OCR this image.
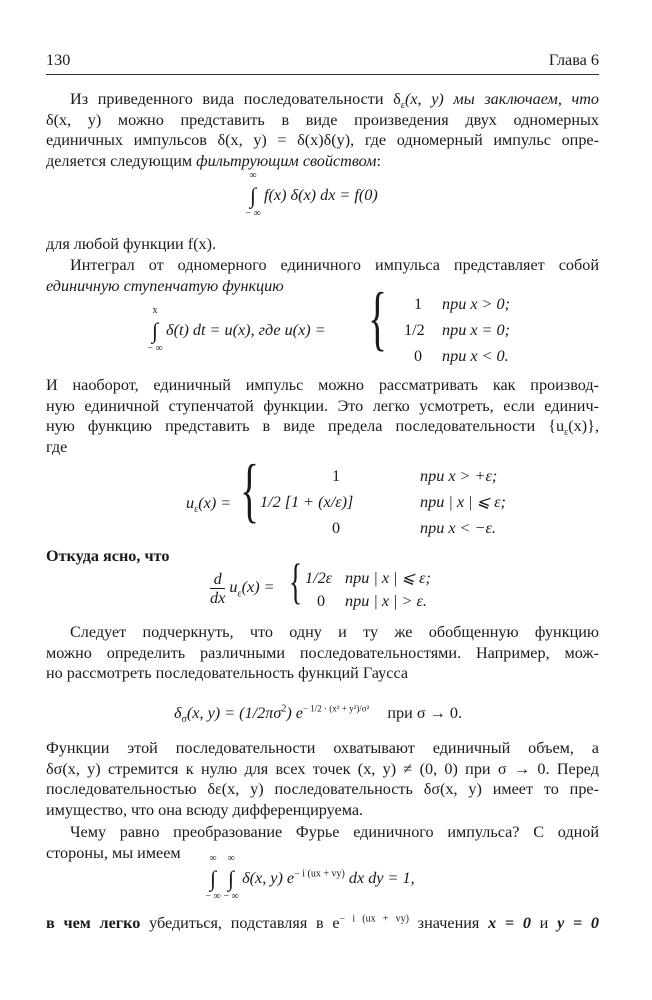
130	Глава 6

Из приведенного вида последовательности $\delta_\varepsilon(x$, y) мы заключаем, что

δ(x, y) можно представить в виде произведения двух одномерных

единичных импульсов δ(x, y) = δ(x)δ(y), где одномерный импульс опре-

деляется следующим фильтрующим свойством:

∞
∫
− ∞
f(x) δ(x) dx = f(0)

для любой функции f(x).

Интеграл от одномерного единичного импульса представляет собой

единичную ступенчатую функцию

x
∫
− ∞
δ(t) dt = u(x), где u(x) = { 1 при x > 0;
1/2 при x = 0;
0 при x < 0.

И наоборот, единичный импульс можно рассматривать как производ-

ную единичной ступенчатой функции. Это легко усмотреть, если единич-

ную функцию представить в виде предела последовательности $\{u_\varepsilon(x)\}$,

где

$u_\varepsilon(x)$ = {	1	при x > +ε;
1/2 [1 + (x/ε)]	при | x | ⩽ ε;
0	при x < −ε.

Откуда ясно, что

$\frac{d}{dx} u_\varepsilon(x)$ = { 1/2ε при | x | ⩽ ε;
0 при | x | > ε.

Следует подчеркнуть, что одну и ту же обобщенную функцию

можно определить различными последовательностями. Например, мож-

но рассмотреть последовательность функций Гаусса

$\delta_\sigma(x$, $y) = (1/2\pi\sigma^2)$ $e^{- 1/2 \cdot (x^2 + y^2)/\sigma^2}$ при σ → 0.

Функции этой последовательности охватывают единичный объем, а

δσ(x, y) стремится к нулю для всех точек (x, y) ≠ (0, 0) при σ → 0. Перед

последовательностью δε(x, y) последовательность δσ(x, y) имеет то пре-

имущество, что она всюду дифференцируема.

Чему равно преобразование Фурье единичного импульса? С одной

стороны, мы имеем	∞
∫
− ∞

∞
∫
− ∞
δ(x, y) $e^{- i (ux + vy)}$ dx dy = 1,

в чем легко убедиться, подставляя в $e^{- i (ux + vy)}$ значения x = 0 и y = 0
